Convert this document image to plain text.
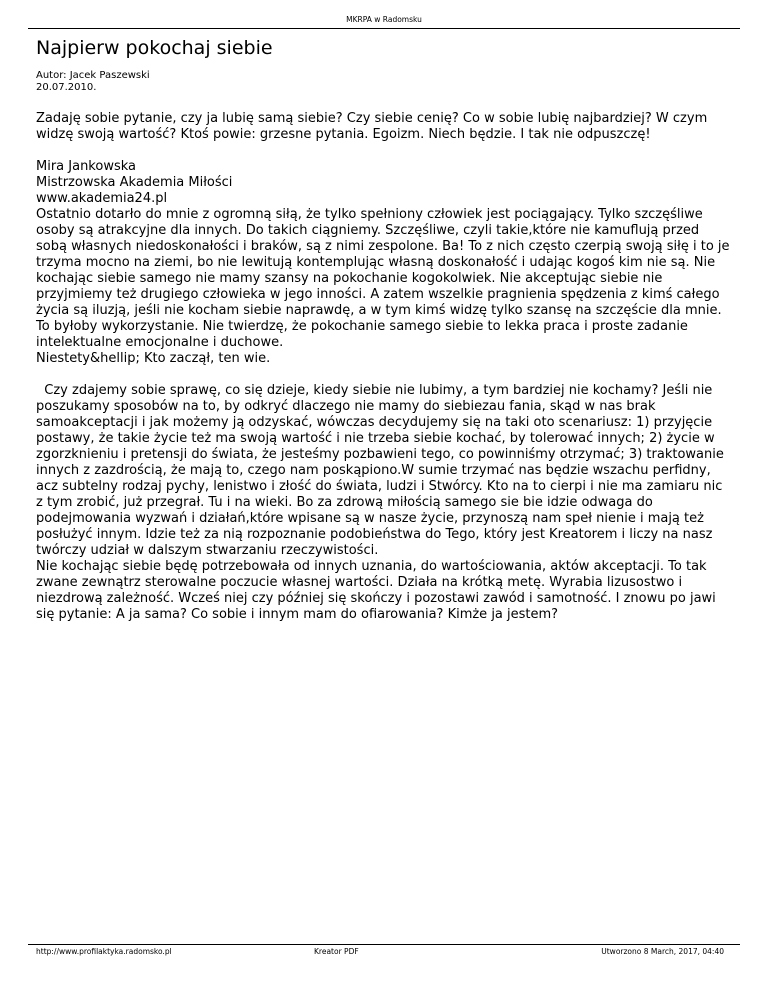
MKRPA w Radomsku
Najpierw pokochaj siebie
Autor: Jacek Paszewski
20.07.2010.
Zadaję sobie pytanie, czy ja lubię samą siebie? Czy siebie cenię? Co w sobie lubię najbardziej? W czym widzę swoją wartość? Ktoś powie: grzesne pytania. Egoizm. Niech będzie. I tak nie odpuszczę!
Mira Jankowska
Mistrzowska Akademia Miłości
www.akademia24.pl

Ostatnio dotarło do mnie z ogromną siłą, że tylko spełniony człowiek jest pociągający. Tylko szczęśliwe osoby są atrakcyjne dla innych. Do takich ciągniemy. Szczęśliwe, czyli takie,które nie kamuflują przed sobą własnych niedoskonałości i braków, są z nimi zespolone. Ba! To z nich często czerpią swoją siłę i to je trzyma mocno na ziemi, bo nie lewitują kontemplując własną doskonałość i udając kogoś kim nie są. Nie kochając siebie samego nie mamy szansy na pokochanie kogokolwiek. Nie akceptując siebie nie przyjmiemy też drugiego człowieka w jego inności. A zatem wszelkie pragnienia spędzenia z kimś całego życia są iluzją, jeśli nie kocham siebie naprawdę, a w tym kimś widzę tylko szansę na szczęście dla mnie. To byłoby wykorzystanie. Nie twierdzę, że pokochanie samego siebie to lekka praca i proste zadanie intelektualne emocjonalne i duchowe.

Niestety&hellip; Kto zaczął, ten wie.

Czy zdajemy sobie sprawę, co się dzieje, kiedy siebie nie lubimy, a tym bardziej nie kochamy? Jeśli nie poszukamy sposobów na to, by odkryć dlaczego nie mamy do siebiezau fania, skąd w nas brak samoakceptacji i jak możemy ją odzyskać, wówczas decydujemy się na taki oto scenariusz: 1) przyjęcie postawy, że takie życie też ma swoją wartość i nie trzeba siebie kochać, by tolerować innych; 2) życie w zgorzknieniu i pretensji do świata, że jesteśmy pozbawieni tego, co powinniśmy otrzymać; 3) traktowanie   innych z zazdrością, że mają to, czego nam poskąpiono.W sumie trzymać nas będzie wszachu perfidny, acz subtelny rodzaj pychy, lenistwo i złość do świata, ludzi i Stwórcy. Kto na to cierpi i nie ma zamiaru nic z tym zrobić, już przegrał. Tu i na wieki. Bo za zdrową miłością samego sie bie idzie odwaga do podejmowania wyzwań i działań,które wpisane są w nasze życie, przynoszą nam speł nienie i mają też posłużyć innym. Idzie też za nią rozpoznanie podobieństwa do Tego, który jest Kreatorem i liczy na nasz twórczy udział w dalszym stwarzaniu rzeczywistości.

Nie kochając siebie będę potrzebowała od innych uznania, do wartościowania, aktów akceptacji. To tak zwane zewnątrz sterowalne poczucie własnej wartości. Działa na krótką metę. Wyrabia lizusostwo i niezdrową zależność. Wcześ niej czy później się skończy i pozostawi zawód i samotność. I znowu po jawi się pytanie: A ja sama? Co sobie i innym mam do ofiarowania? Kimże ja jestem?

http://www.profilaktyka.radomsko.pl	Kreator PDF	Utworzono 8 March, 2017, 04:40
